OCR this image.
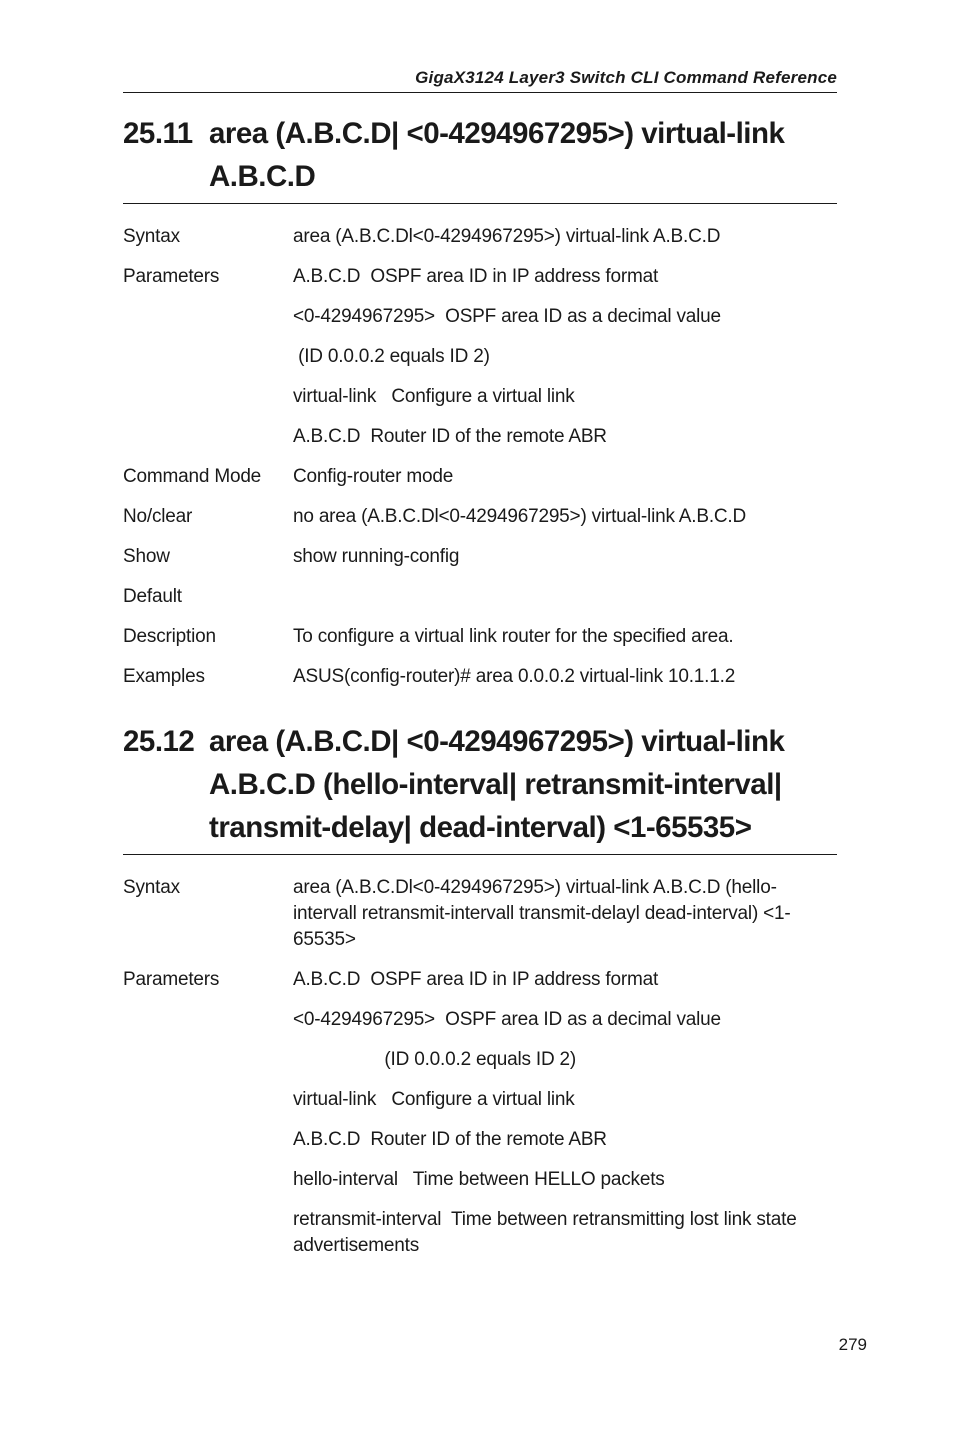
GigaX3124 Layer3 Switch CLI Command Reference
25.11 area (A.B.C.D| <0-4294967295>) virtual-link A.B.C.D
Syntax	area (A.B.C.Dl<0-4294967295>) virtual-link A.B.C.D
Parameters	A.B.C.D  OSPF area ID in IP address format
<0-4294967295>  OSPF area ID as a decimal value
(ID 0.0.0.2 equals ID 2)
virtual-link   Configure a virtual link
A.B.C.D  Router ID of the remote ABR
Command Mode	Config-router mode
No/clear	no area (A.B.C.Dl<0-4294967295>) virtual-link A.B.C.D
Show	show running-config
Default
Description	To configure a virtual link router for the specified area.
Examples	ASUS(config-router)# area 0.0.0.2 virtual-link 10.1.1.2
25.12 area (A.B.C.D| <0-4294967295>) virtual-link A.B.C.D (hello-interval| retransmit-interval| transmit-delay| dead-interval) <1-65535>
Syntax	area (A.B.C.Dl<0-4294967295>) virtual-link A.B.C.D (hello-intervall retransmit-intervall transmit-delayl dead-interval) <1-65535>
Parameters	A.B.C.D  OSPF area ID in IP address format
<0-4294967295>  OSPF area ID as a decimal value
(ID 0.0.0.2 equals ID 2)
virtual-link   Configure a virtual link
A.B.C.D  Router ID of the remote ABR
hello-interval   Time between HELLO packets
retransmit-interval  Time between retransmitting lost link state advertisements
279
